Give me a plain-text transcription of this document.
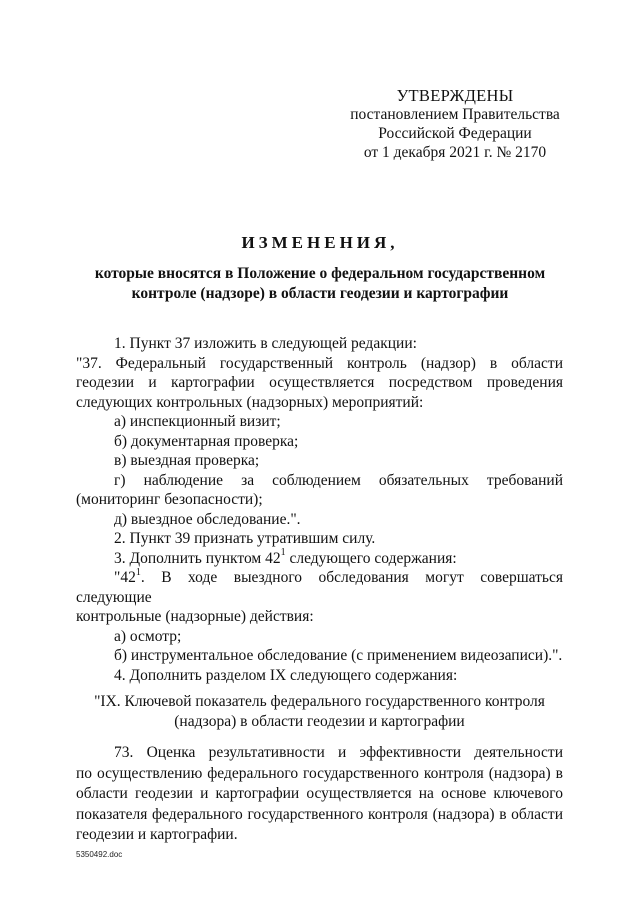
УТВЕРЖДЕНЫ
постановлением Правительства
Российской Федерации
от 1 декабря 2021 г. № 2170
ИЗМЕНЕНИЯ,
которые вносятся в Положение о федеральном государственном
контроле (надзоре) в области геодезии и картографии

1. Пункт 37 изложить в следующей редакции:

"37. Федеральный государственный контроль (надзор) в области

геодезии и картографии осуществляется посредством проведения

следующих контрольных (надзорных) мероприятий:

а) инспекционный визит;

б) документарная проверка;

в) выездная проверка;

г) наблюдение за соблюдением обязательных требований

(мониторинг безопасности);

д) выездное обследование.".

2. Пункт 39 признать утратившим силу.

3. Дополнить пунктом $42^1$ следующего содержания:

"$42^1$. В ходе выездного обследования могут совершаться следующие

контрольные (надзорные) действия:

а) осмотр;

б) инструментальное обследование (с применением видеозаписи).".

4. Дополнить разделом IX следующего содержания:

"IX. Ключевой показатель федерального государственного контроля
(надзора) в области геодезии и картографии

73. Оценка результативности и эффективности деятельности
по осуществлению федерального государственного контроля (надзора) в области геодезии и картографии осуществляется на основе ключевого показателя федерального государственного контроля (надзора) в области геодезии и картографии.

5350492.doc
